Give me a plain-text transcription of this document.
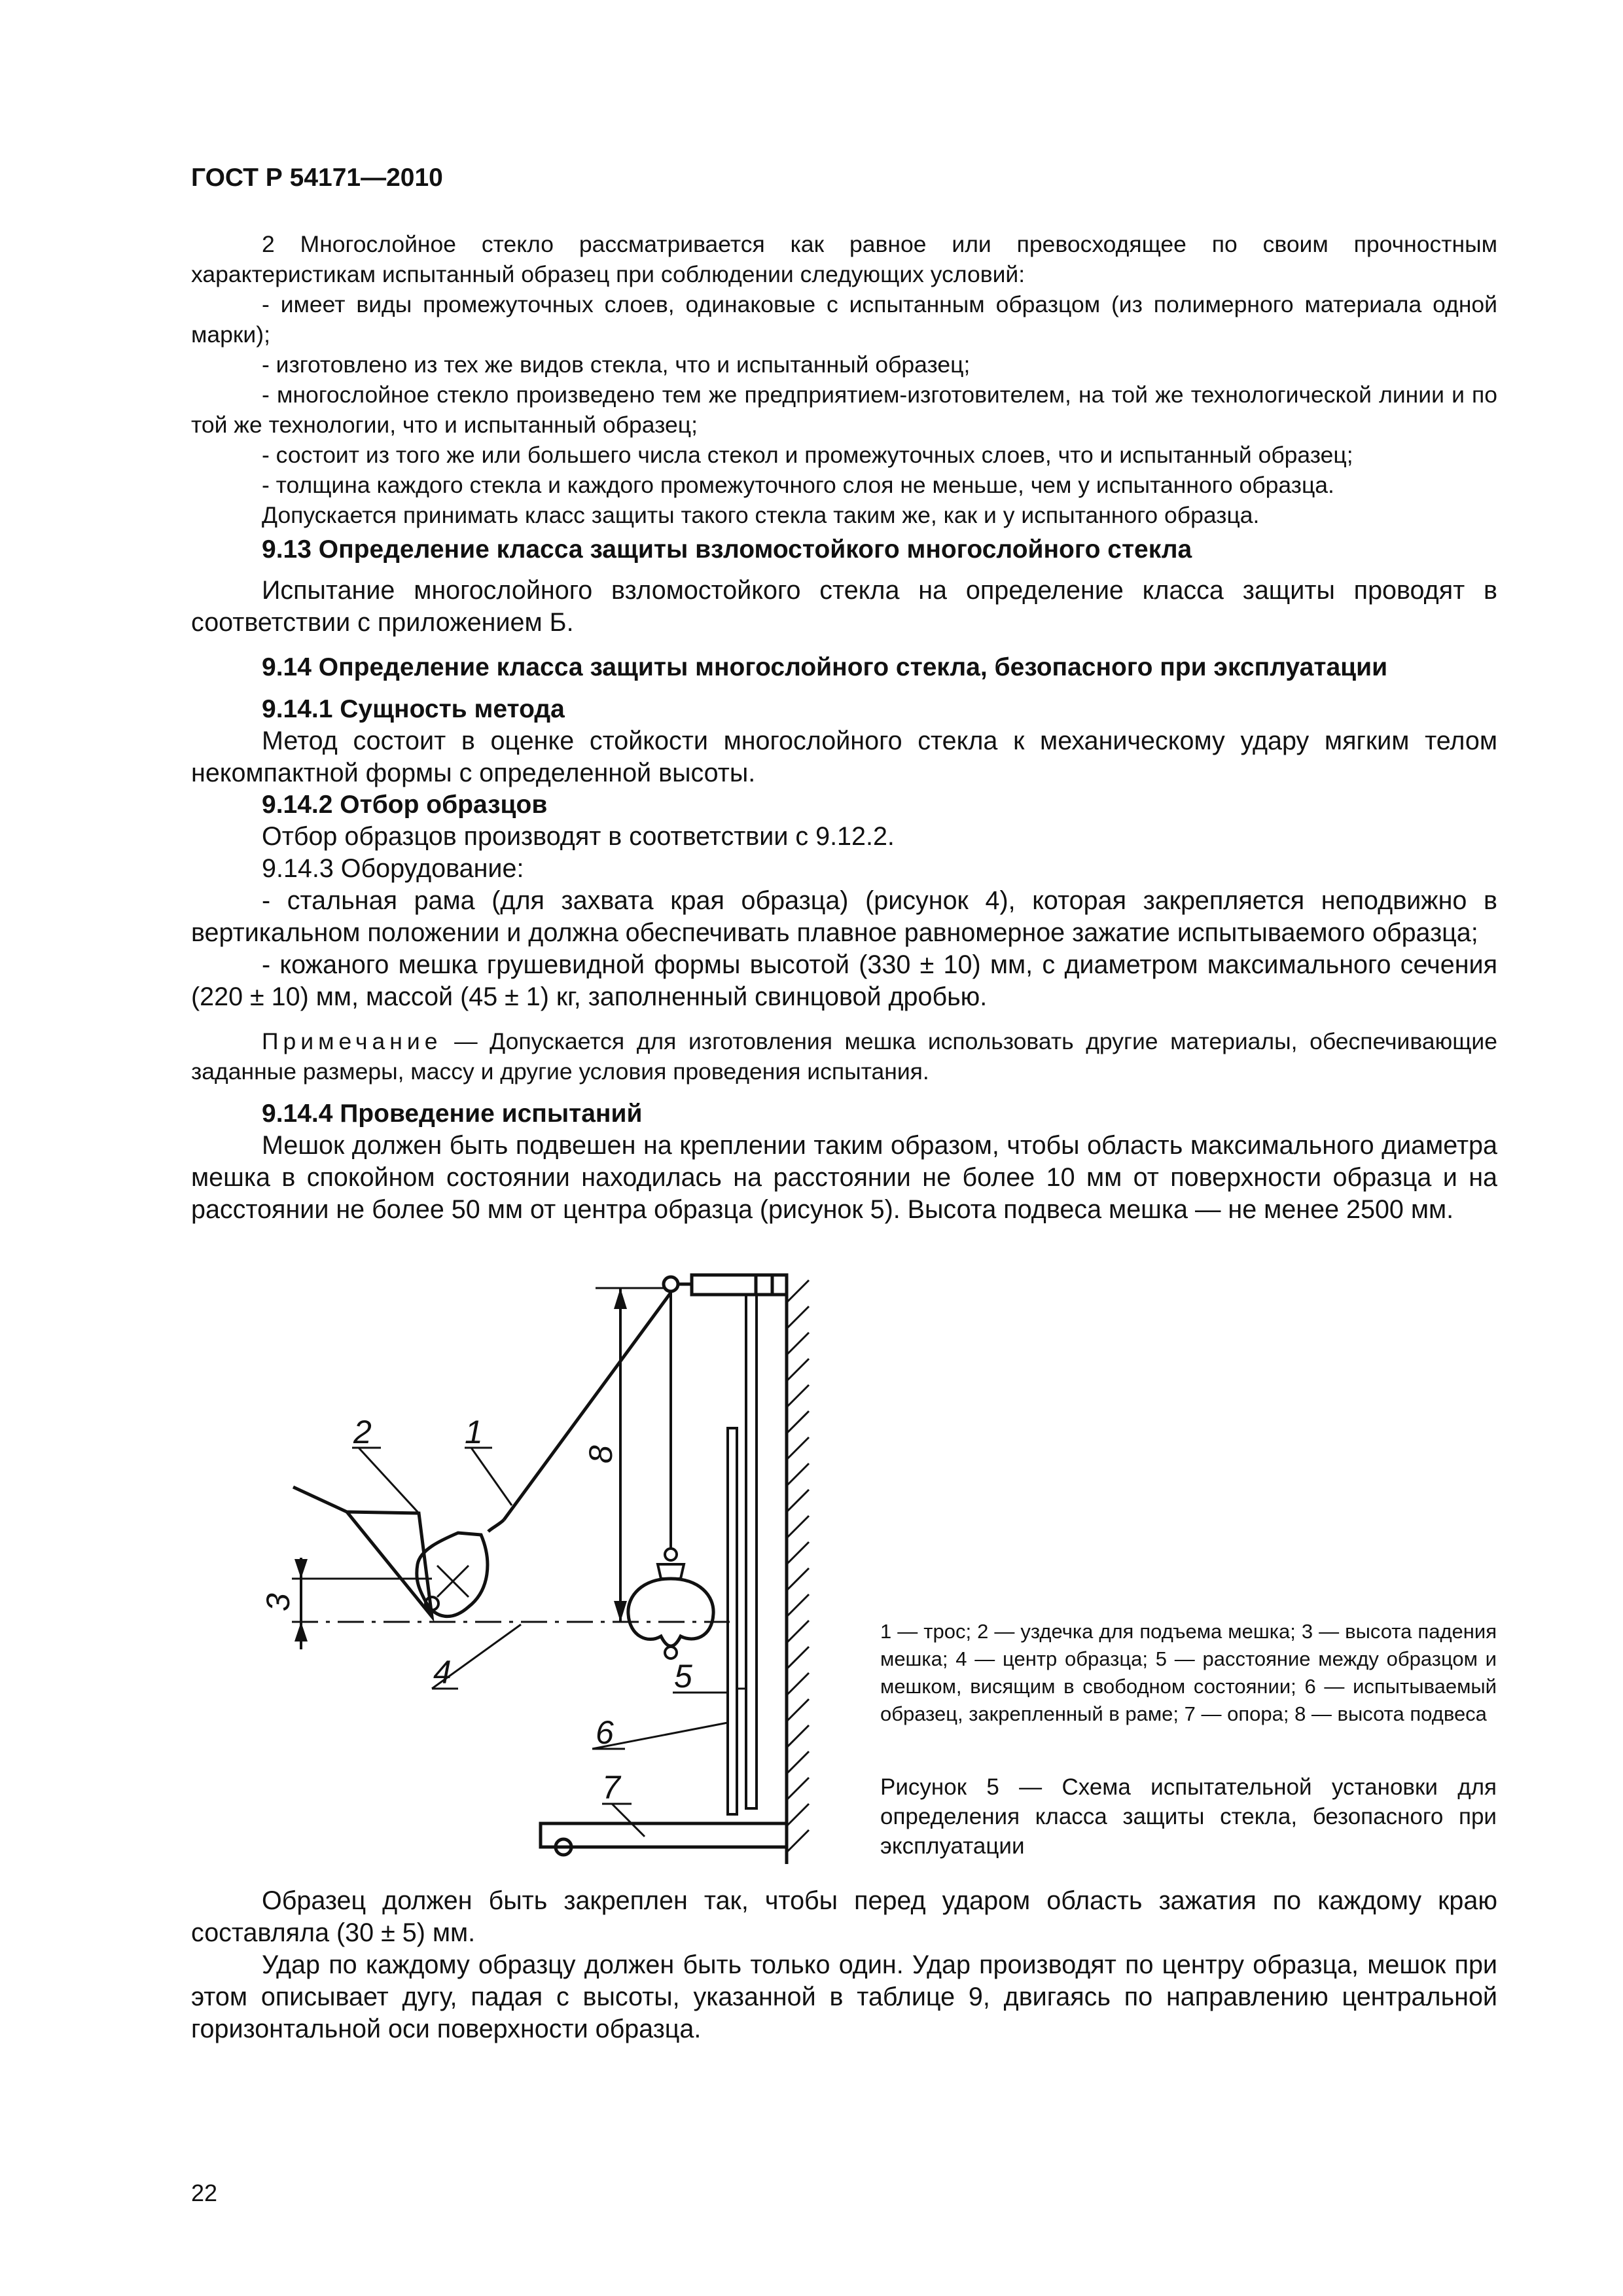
ГОСТ Р 54171—2010

2 Многослойное стекло рассматривается как равное или превосходящее по своим прочностным характеристикам испытанный образец при соблюдении следующих условий:

- имеет виды промежуточных слоев, одинаковые с испытанным образцом (из полимерного материала одной марки);

- изготовлено из тех же видов стекла, что и испытанный образец;

- многослойное стекло произведено тем же предприятием-изготовителем, на той же технологической линии и по той же технологии, что и испытанный образец;

- состоит из того же или большего числа стекол и промежуточных слоев, что и испытанный образец;

- толщина каждого стекла и каждого промежуточного слоя не меньше, чем у испытанного образца.

Допускается принимать класс защиты такого стекла таким же, как и у испытанного образца.

9.13 Определение класса защиты взломостойкого многослойного стекла

Испытание многослойного взломостойкого стекла на определение класса защиты проводят в соответствии с приложением Б.

9.14 Определение класса защиты многослойного стекла, безопасного при эксплуатации

9.14.1 Сущность метода

Метод состоит в оценке стойкости многослойного стекла к механическому удару мягким телом некомпактной формы с определенной высоты.

9.14.2 Отбор образцов

Отбор образцов производят в соответствии с 9.12.2.

9.14.3 Оборудование:

- стальная рама (для захвата края образца) (рисунок 4), которая закрепляется неподвижно в вертикальном положении и должна обеспечивать плавное равномерное зажатие испытываемого образца;

- кожаного мешка грушевидной формы высотой (330 ± 10) мм, с диаметром максимального сечения (220 ± 10) мм, массой (45 ± 1) кг, заполненный свинцовой дробью.

Примечание — Допускается для изготовления мешка использовать другие материалы, обеспечивающие заданные размеры, массу и другие условия проведения испытания.

9.14.4 Проведение испытаний

Мешок должен быть подвешен на креплении таким образом, чтобы область максимального диаметра мешка в спокойном состоянии находилась на расстоянии не более 10 мм от поверхности образца и на расстоянии не более 50 мм от центра образца (рисунок 5). Высота подвеса мешка — не менее 2500 мм.

1
2
3
4	5
6
7
8
1 — трос; 2 — уздечка для подъема мешка; 3 — высота падения мешка; 4 — центр образца; 5 — расстояние между образцом и мешком, висящим в свободном состоянии; 6 — испытываемый образец, закрепленный в раме; 7 — опора; 8 — высота подвеса
Рисунок 5 — Схема испытательной установки для определения класса защиты стекла, безопасного при эксплуатации

Образец должен быть закреплен так, чтобы перед ударом область зажатия по каждому краю составляла (30 ± 5) мм.

Удар по каждому образцу должен быть только один. Удар производят по центру образца, мешок при этом описывает дугу, падая с высоты, указанной в таблице 9, двигаясь по направлению центральной горизонтальной оси поверхности образца.

22
